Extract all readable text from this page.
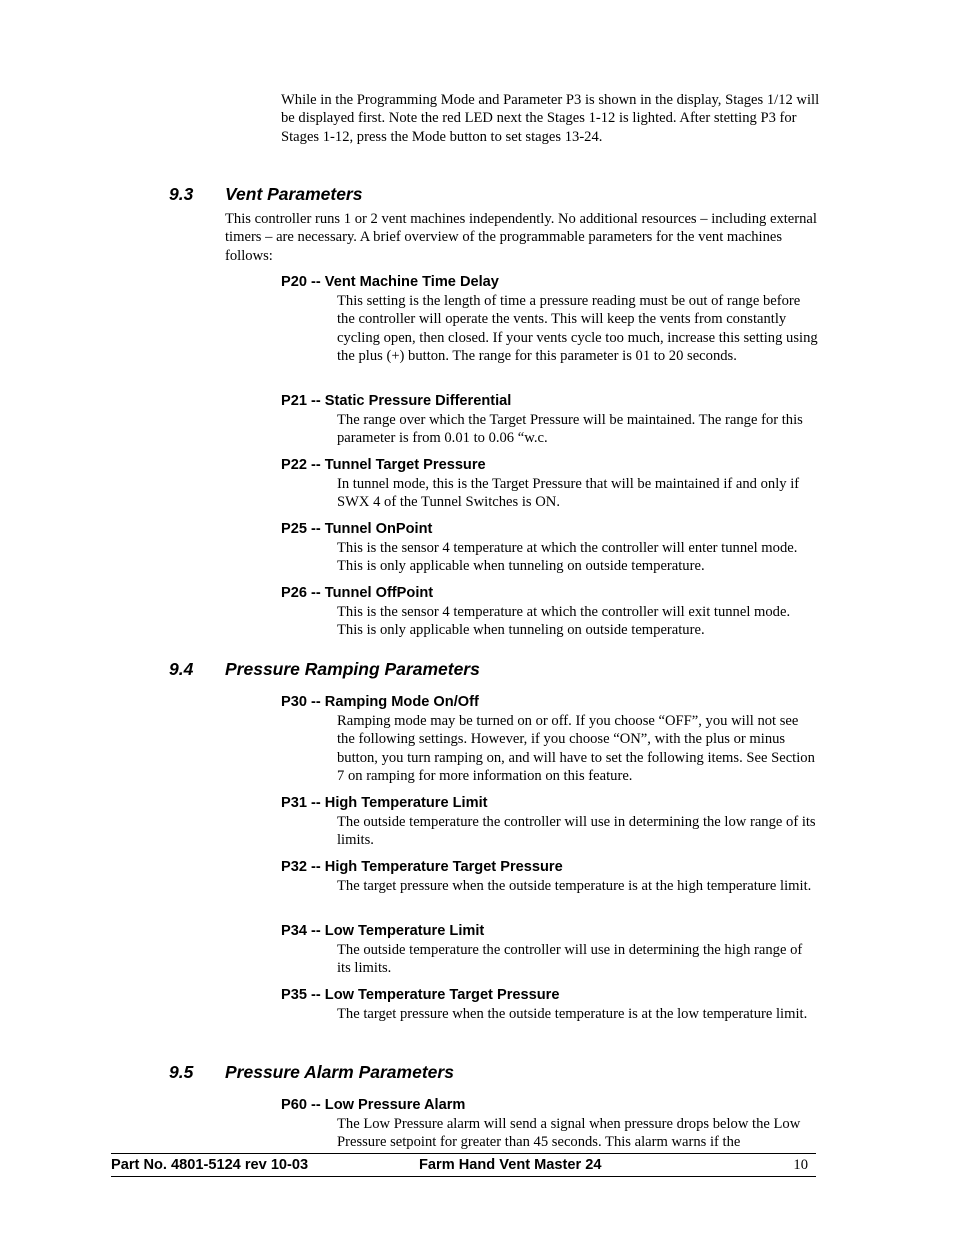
While in the Programming Mode and Parameter P3 is shown in the display, Stages 1/12 will be displayed first. Note the red LED next the Stages 1-12 is lighted. After stetting P3 for Stages 1-12, press the Mode button to set stages 13-24.
9.3 Vent Parameters
This controller runs 1 or 2 vent machines independently. No additional resources – including external timers – are necessary. A brief overview of the programmable parameters for the vent machines follows:
P20 -- Vent Machine Time Delay
This setting is the length of time a pressure reading must be out of range before the controller will operate the vents. This will keep the vents from constantly cycling open, then closed. If your vents cycle too much, increase this setting using the plus (+) button. The range for this parameter is 01 to 20 seconds.
P21 -- Static Pressure Differential
The range over which the Target Pressure will be maintained. The range for this parameter is from 0.01 to 0.06 “w.c.
P22 -- Tunnel Target Pressure
In tunnel mode, this is the Target Pressure that will be maintained if and only if SWX 4 of the Tunnel Switches is ON.
P25 -- Tunnel OnPoint
This is the sensor 4 temperature at which the controller will enter tunnel mode. This is only applicable when tunneling on outside temperature.
P26 -- Tunnel OffPoint
This is the sensor 4 temperature at which the controller will exit tunnel mode. This is only applicable when tunneling on outside temperature.
9.4 Pressure Ramping Parameters
P30 -- Ramping Mode On/Off
Ramping mode may be turned on or off. If you choose “OFF”, you will not see the following settings. However, if you choose “ON”, with the plus or minus button, you turn ramping on, and will have to set the following items. See Section 7 on ramping for more information on this feature.
P31 -- High Temperature Limit
The outside temperature the controller will use in determining the low range of its limits.
P32 -- High Temperature Target Pressure
The target pressure when the outside temperature is at the high temperature limit.
P34 -- Low Temperature Limit
The outside temperature the controller will use in determining the high range of its limits.
P35 -- Low Temperature Target Pressure
The target pressure when the outside temperature is at the low temperature limit.
9.5 Pressure Alarm Parameters
P60 -- Low Pressure Alarm
The Low Pressure alarm will send a signal when pressure drops below the Low Pressure setpoint for greater than 45 seconds. This alarm warns if the
Part No. 4801-5124 rev 10-03	Farm Hand Vent Master 24	10
